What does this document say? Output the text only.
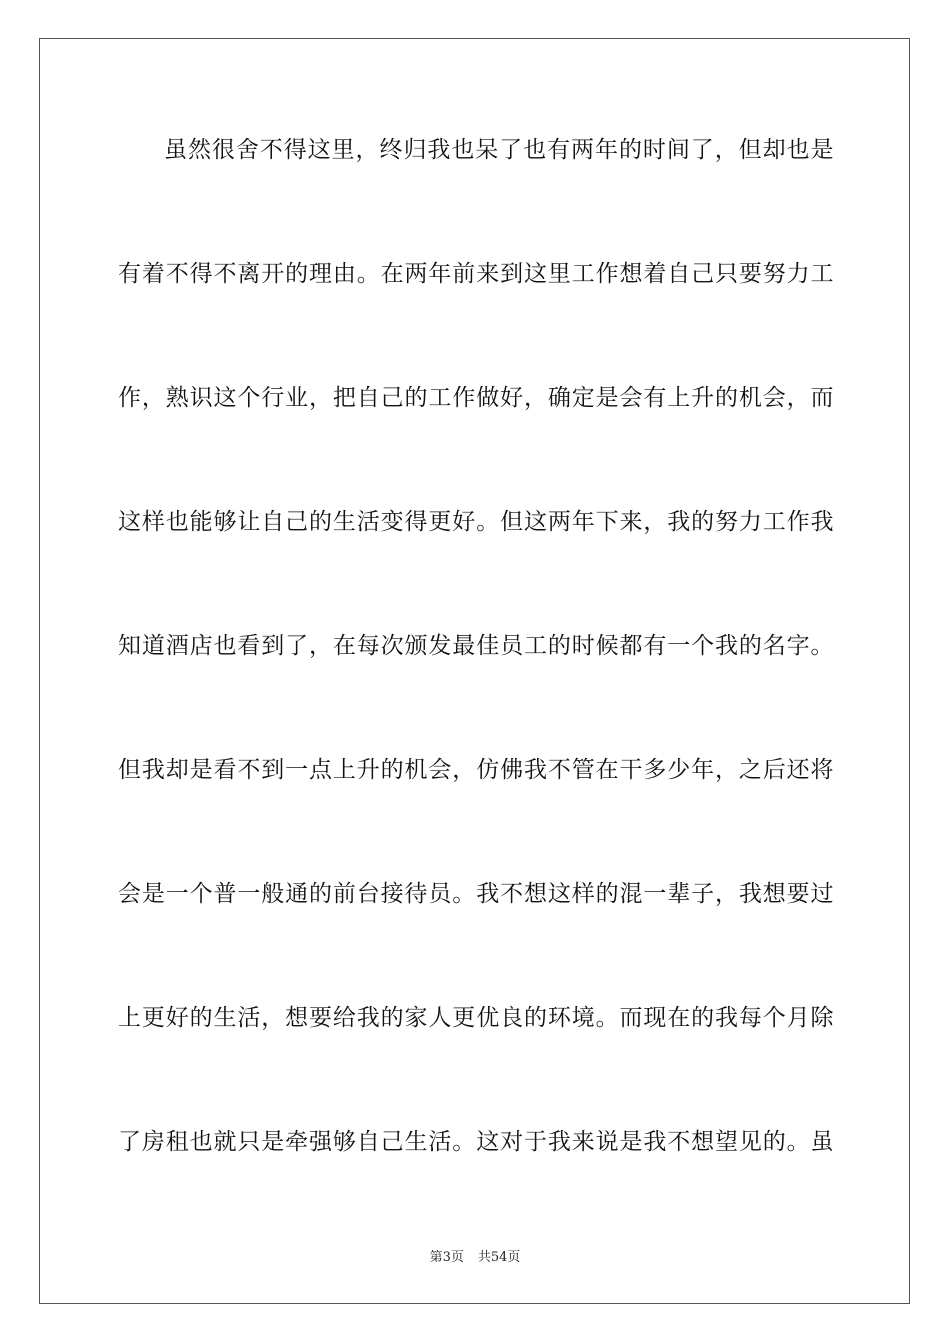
虽然很舍不得这里，终归我也呆了也有两年的时间了，但却也是
有着不得不离开的理由。在两年前来到这里工作想着自己只要努力工
作，熟识这个行业，把自己的工作做好，确定是会有上升的机会，而
这样也能够让自己的生活变得更好。但这两年下来，我的努力工作我
知道酒店也看到了，在每次颁发最佳员工的时候都有一个我的名字。
但我却是看不到一点上升的机会，仿佛我不管在干多少年，之后还将
会是一个普一般通的前台接待员。我不想这样的混一辈子，我想要过
上更好的生活，想要给我的家人更优良的环境。而现在的我每个月除
了房租也就只是牵强够自己生活。这对于我来说是我不想望见的。虽
第3页 共54页
